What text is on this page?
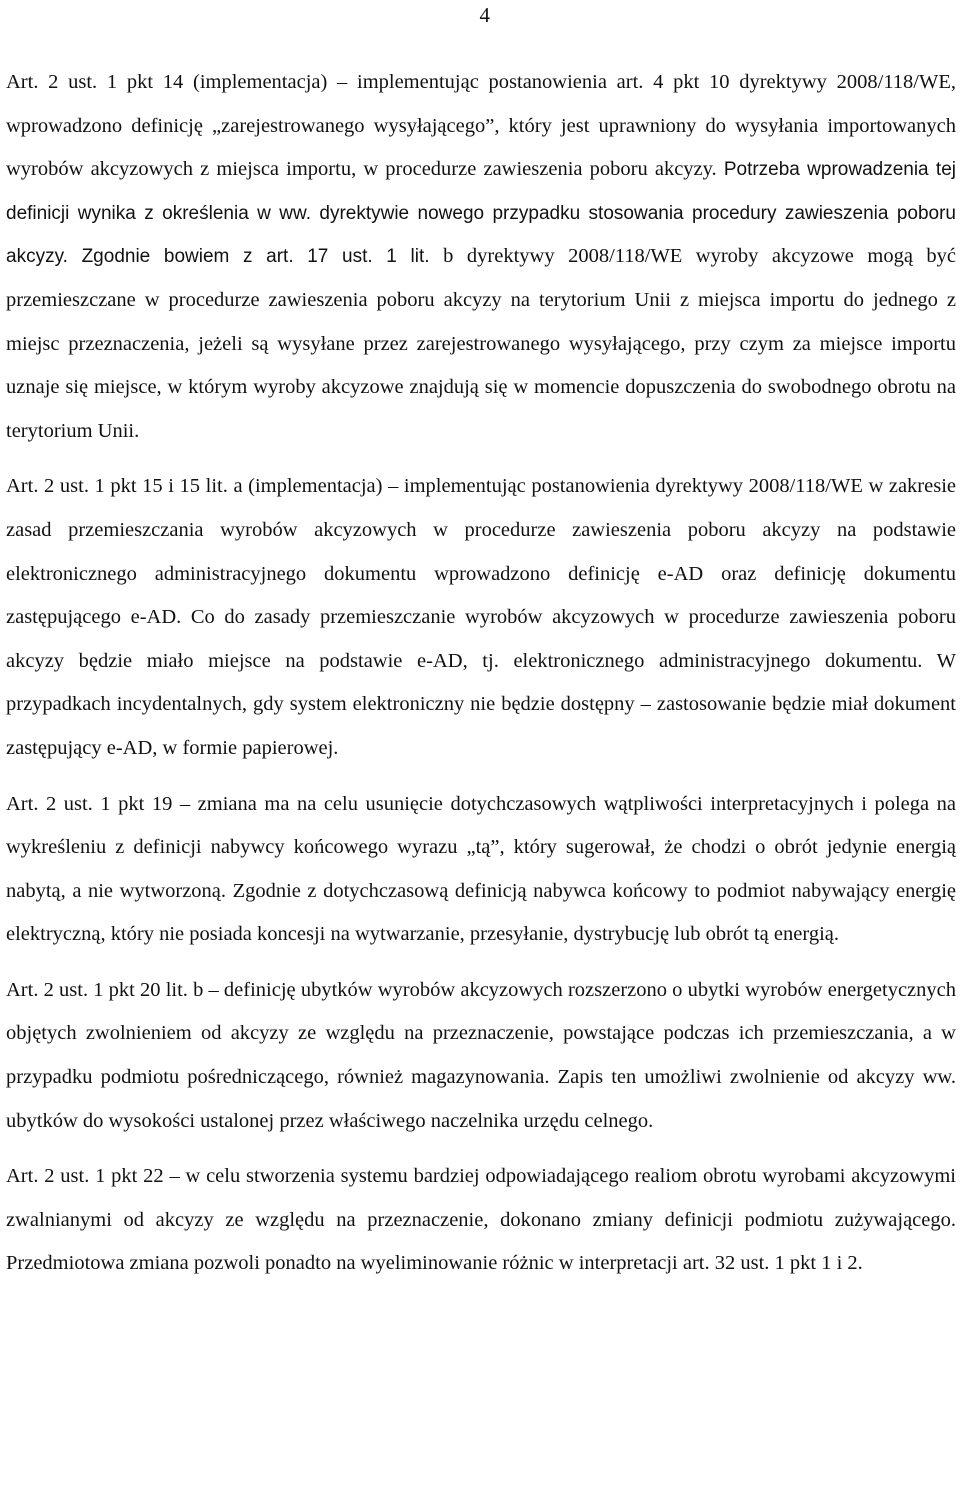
4

Art. 2 ust. 1 pkt 14 (implementacja) – implementując postanowienia art. 4 pkt 10 dyrektywy 2008/118/WE, wprowadzono definicję „zarejestrowanego wysyłającego”, który jest uprawniony do wysyłania importowanych wyrobów akcyzowych z miejsca importu, w procedurze zawieszenia poboru akcyzy. Potrzeba wprowadzenia tej definicji wynika z określenia w ww. dyrektywie nowego przypadku stosowania procedury zawieszenia poboru akcyzy. Zgodnie bowiem z art. 17 ust. 1 lit. b dyrektywy 2008/118/WE wyroby akcyzowe mogą być przemieszczane w procedurze zawieszenia poboru akcyzy na terytorium Unii z miejsca importu do jednego z miejsc przeznaczenia, jeżeli są wysyłane przez zarejestrowanego wysyłającego, przy czym za miejsce importu uznaje się miejsce, w którym wyroby akcyzowe znajdują się w momencie dopuszczenia do swobodnego obrotu na terytorium Unii.

Art. 2 ust. 1 pkt 15 i 15 lit. a (implementacja) – implementując postanowienia dyrektywy 2008/118/WE w zakresie zasad przemieszczania wyrobów akcyzowych w procedurze zawieszenia poboru akcyzy na podstawie elektronicznego administracyjnego dokumentu wprowadzono definicję e-AD oraz definicję dokumentu zastępującego e-AD. Co do zasady przemieszczanie wyrobów akcyzowych w procedurze zawieszenia poboru akcyzy będzie miało miejsce na podstawie e-AD, tj. elektronicznego administracyjnego dokumentu. W przypadkach incydentalnych, gdy system elektroniczny nie będzie dostępny – zastosowanie będzie miał dokument zastępujący e-AD, w formie papierowej.

Art. 2 ust. 1 pkt 19 – zmiana ma na celu usunięcie dotychczasowych wątpliwości interpretacyjnych i polega na wykreśleniu z definicji nabywcy końcowego wyrazu „tą”, który sugerował, że chodzi o obrót jedynie energią nabytą, a nie wytworzoną. Zgodnie z dotychczasową definicją nabywca końcowy to podmiot nabywający energię elektryczną, który nie posiada koncesji na wytwarzanie, przesyłanie, dystrybucję lub obrót tą energią.

Art. 2 ust. 1 pkt 20 lit. b – definicję ubytków wyrobów akcyzowych rozszerzono o ubytki wyrobów energetycznych objętych zwolnieniem od akcyzy ze względu na przeznaczenie, powstające podczas ich przemieszczania, a w przypadku podmiotu pośredniczącego, również magazynowania. Zapis ten umożliwi zwolnienie od akcyzy ww. ubytków do wysokości ustalonej przez właściwego naczelnika urzędu celnego.

Art. 2 ust. 1 pkt 22 – w celu stworzenia systemu bardziej odpowiadającego realiom obrotu wyrobami akcyzowymi zwalnianymi od akcyzy ze względu na przeznaczenie, dokonano zmiany definicji podmiotu zużywającego. Przedmiotowa zmiana pozwoli ponadto na wyeliminowanie różnic w interpretacji art. 32 ust. 1 pkt 1 i 2.
